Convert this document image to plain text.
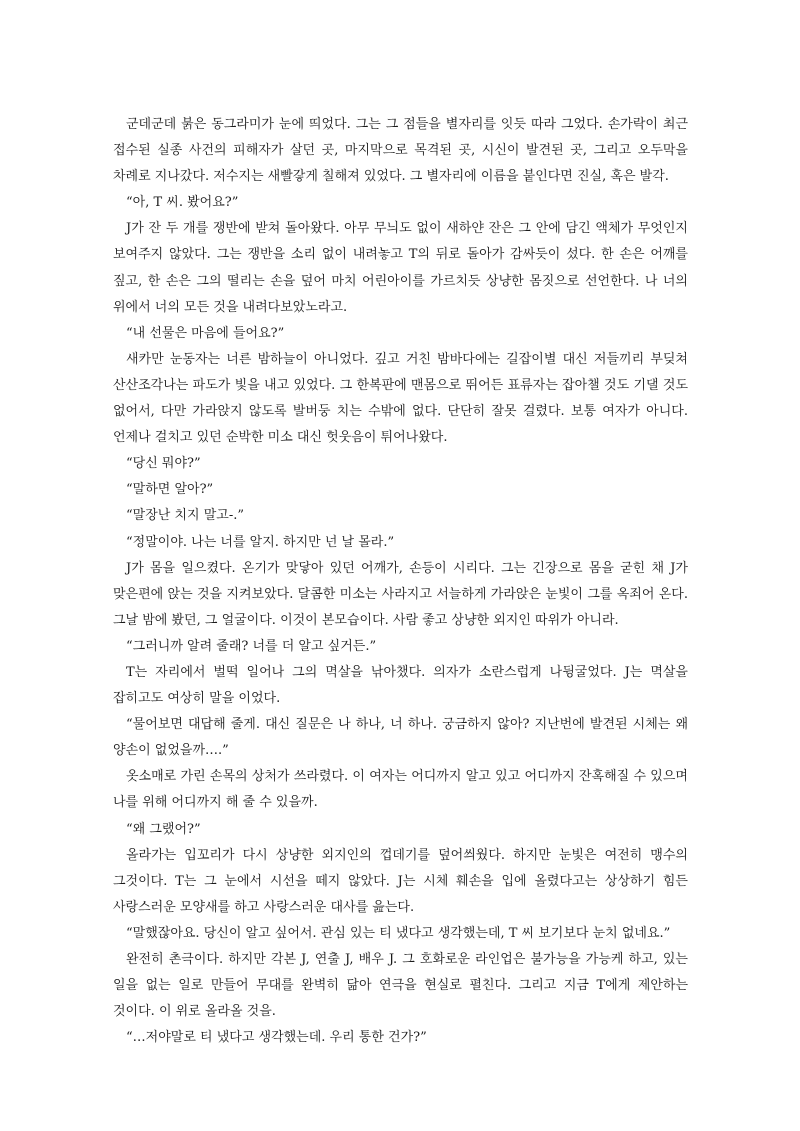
군데군데 붉은 동그라미가 눈에 띄었다. 그는 그 점들을 별자리를 잇듯 따라 그었다. 손가락이 최근 접수된 실종 사건의 피해자가 살던 곳, 마지막으로 목격된 곳, 시신이 발견된 곳, 그리고 오두막을 차례로 지나갔다. 저수지는 새빨갛게 칠해져 있었다. 그 별자리에 이름을 붙인다면 진실, 혹은 발각.

“아, T 씨. 봤어요?”

J가 잔 두 개를 쟁반에 받쳐 돌아왔다. 아무 무늬도 없이 새하얀 잔은 그 안에 담긴 액체가 무엇인지 보여주지 않았다. 그는 쟁반을 소리 없이 내려놓고 T의 뒤로 돌아가 감싸듯이 섰다. 한 손은 어깨를 짚고, 한 손은 그의 떨리는 손을 덮어 마치 어린아이를 가르치듯 상냥한 몸짓으로 선언한다. 나 너의 위에서 너의 모든 것을 내려다보았노라고.

“내 선물은 마음에 들어요?”

새카만 눈동자는 너른 밤하늘이 아니었다. 깊고 거친 밤바다에는 길잡이별 대신 저들끼리 부딪쳐 산산조각나는 파도가 빛을 내고 있었다. 그 한복판에 맨몸으로 뛰어든 표류자는 잡아챌 것도 기댈 것도 없어서, 다만 가라앉지 않도록 발버둥 치는 수밖에 없다. 단단히 잘못 걸렸다. 보통 여자가 아니다. 언제나 걸치고 있던 순박한 미소 대신 헛웃음이 튀어나왔다.

“당신 뭐야?”

“말하면 알아?”

“말장난 치지 말고-.”

“정말이야. 나는 너를 알지. 하지만 넌 날 몰라.”

J가 몸을 일으켰다. 온기가 맞닿아 있던 어깨가, 손등이 시리다. 그는 긴장으로 몸을 굳힌 채 J가 맞은편에 앉는 것을 지켜보았다. 달콤한 미소는 사라지고 서늘하게 가라앉은 눈빛이 그를 옥죄어 온다. 그날 밤에 봤던, 그 얼굴이다. 이것이 본모습이다. 사람 좋고 상냥한 외지인 따위가 아니라.

“그러니까 알려 줄래? 너를 더 알고 싶거든.”

T는 자리에서 벌떡 일어나 그의 멱살을 낚아챘다. 의자가 소란스럽게 나뒹굴었다. J는 멱살을 잡히고도 여상히 말을 이었다.

“물어보면 대답해 줄게. 대신 질문은 나 하나, 너 하나. 궁금하지 않아? 지난번에 발견된 시체는 왜 양손이 없었을까….”

옷소매로 가린 손목의 상처가 쓰라렸다. 이 여자는 어디까지 알고 있고 어디까지 잔혹해질 수 있으며 나를 위해 어디까지 해 줄 수 있을까.

“왜 그랬어?”

올라가는 입꼬리가 다시 상냥한 외지인의 껍데기를 덮어씌웠다. 하지만 눈빛은 여전히 맹수의 그것이다. T는 그 눈에서 시선을 떼지 않았다. J는 시체 훼손을 입에 올렸다고는 상상하기 힘든 사랑스러운 모양새를 하고 사랑스러운 대사를 읊는다.

“말했잖아요. 당신이 알고 싶어서. 관심 있는 티 냈다고 생각했는데, T 씨 보기보다 눈치 없네요.”

완전히 촌극이다. 하지만 각본 J, 연출 J, 배우 J. 그 호화로운 라인업은 불가능을 가능케 하고, 있는 일을 없는 일로 만들어 무대를 완벽히 닮아 연극을 현실로 펼친다. 그리고 지금 T에게 제안하는 것이다. 이 위로 올라올 것을.

“…저야말로 티 냈다고 생각했는데. 우리 통한 건가?”
